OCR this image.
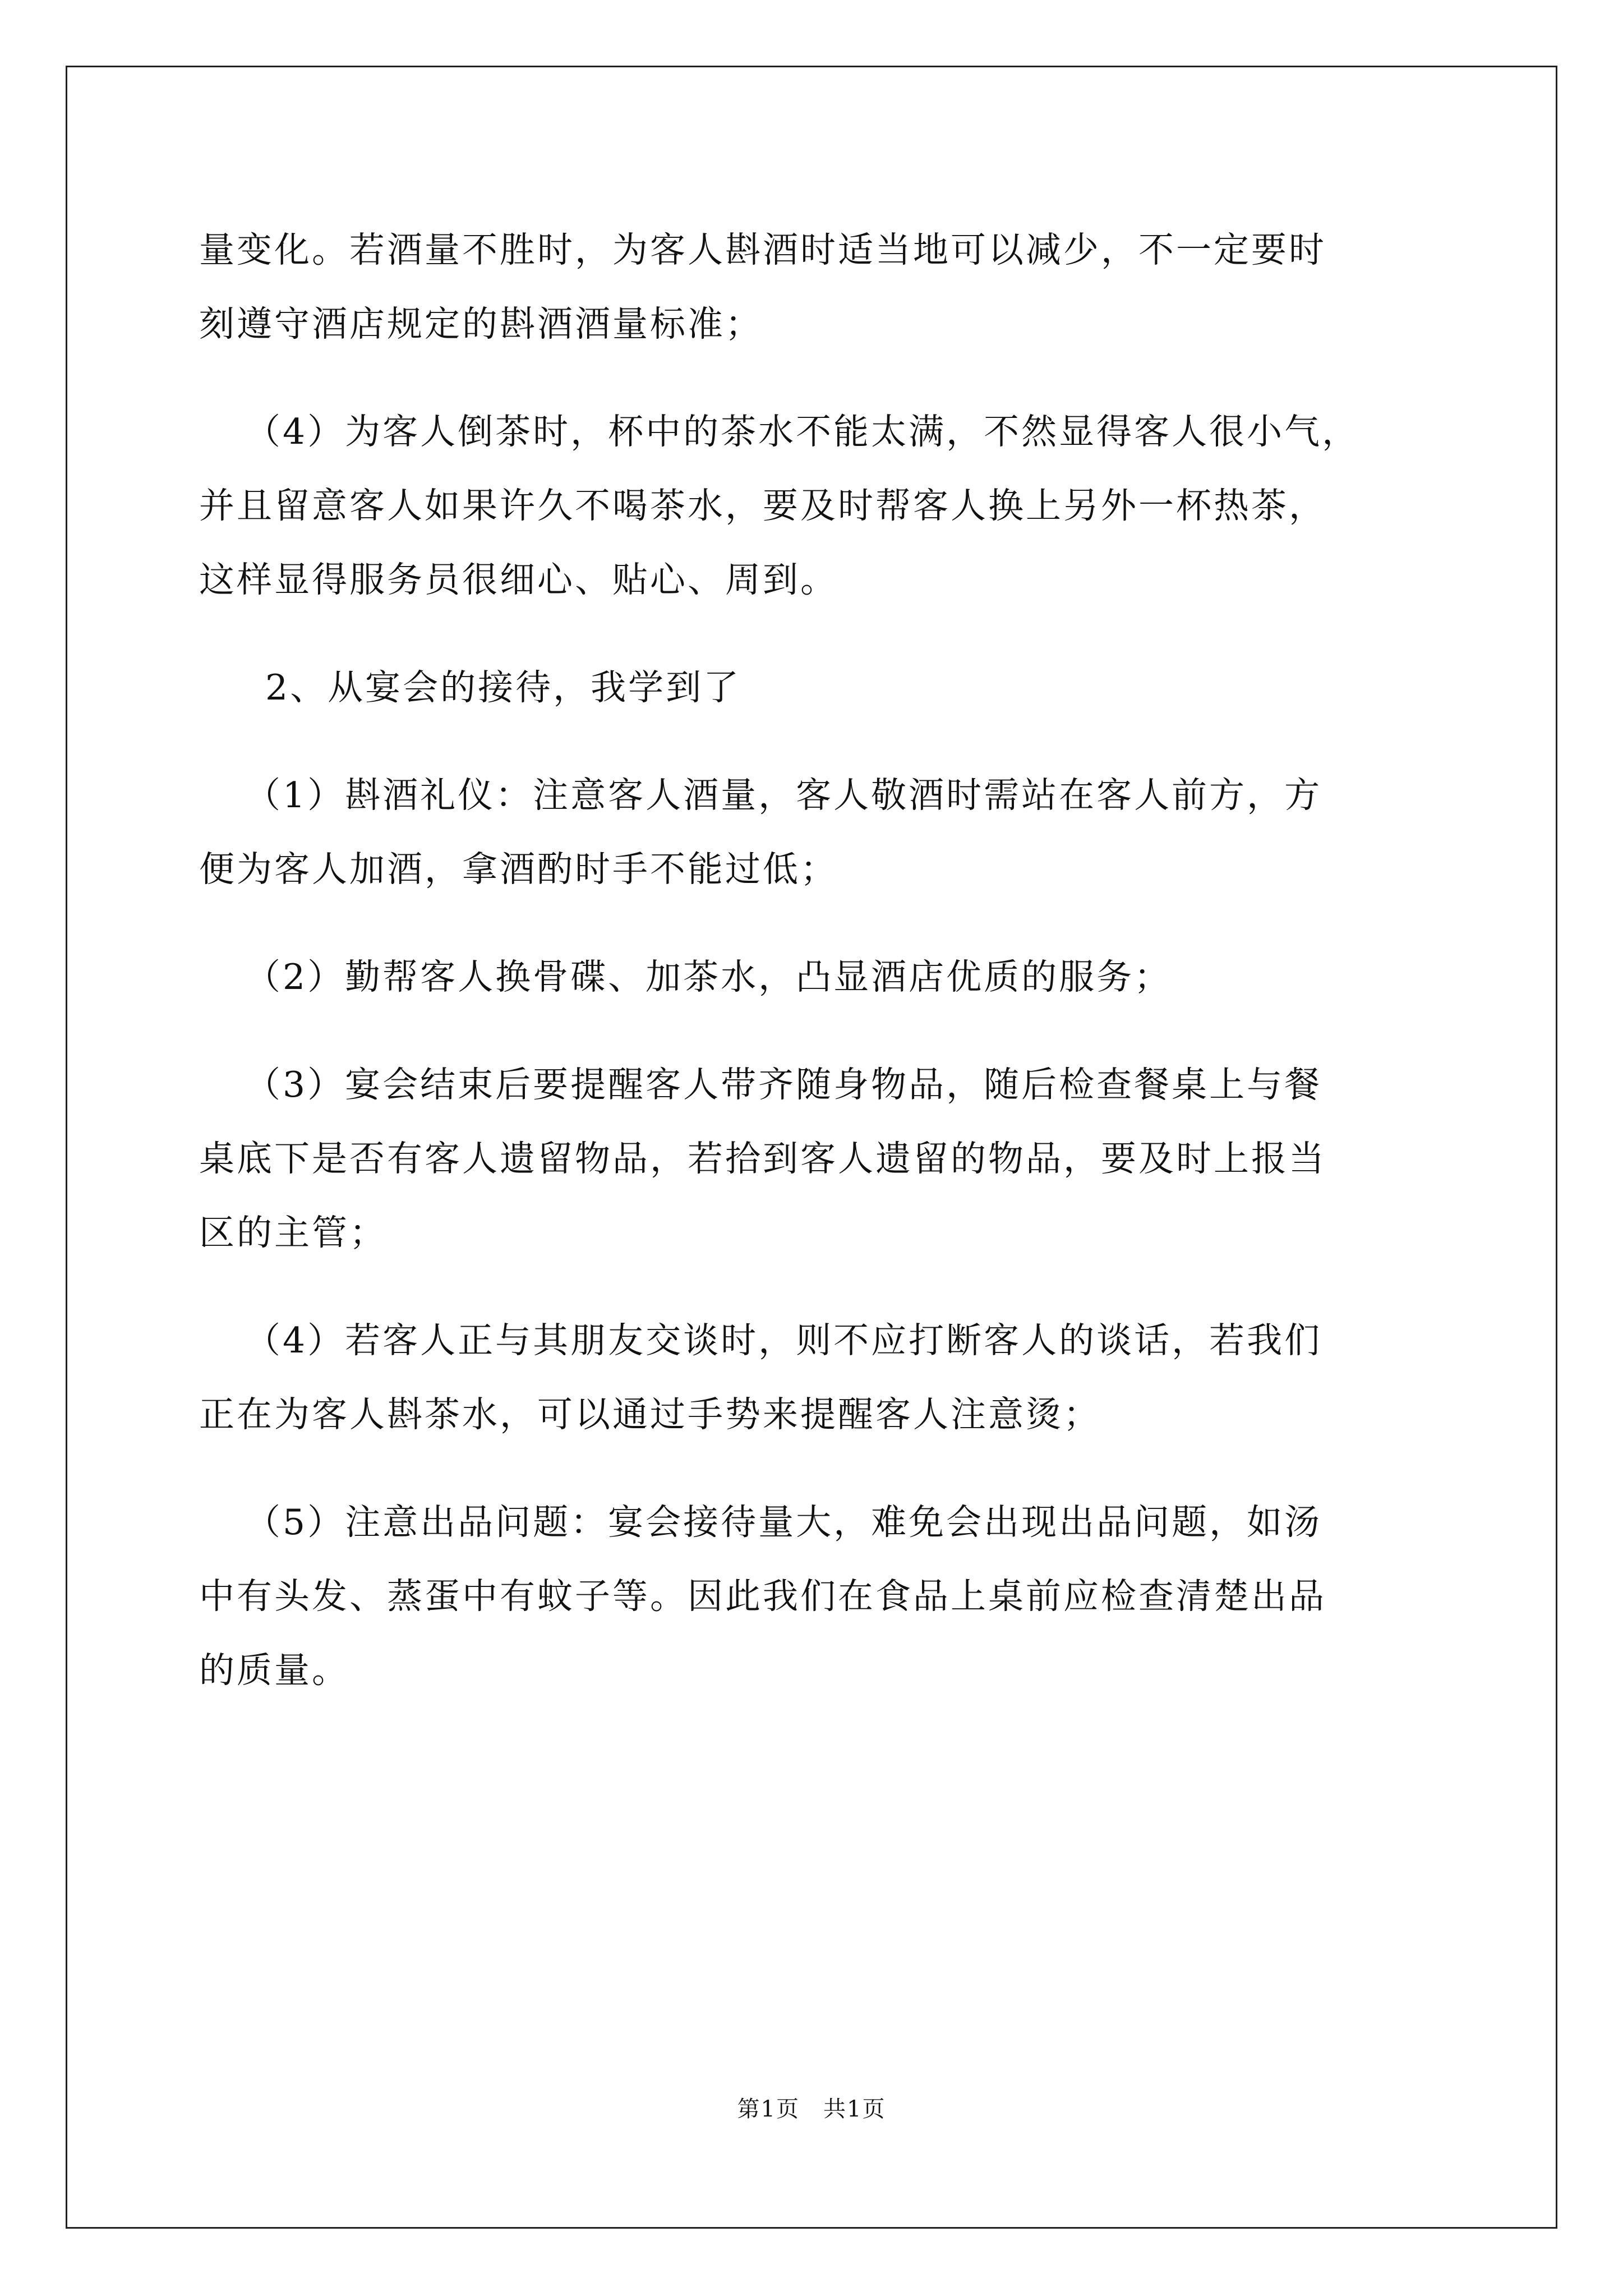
量变化。若酒量不胜时，为客人斟酒时适当地可以减少，不一定要时
刻遵守酒店规定的斟酒酒量标准；

（4）为客人倒茶时，杯中的茶水不能太满，不然显得客人很小气，
并且留意客人如果许久不喝茶水，要及时帮客人换上另外一杯热茶，
这样显得服务员很细心、贴心、周到。

2、从宴会的接待，我学到了

（1）斟酒礼仪：注意客人酒量，客人敬酒时需站在客人前方，方
便为客人加酒，拿酒酌时手不能过低；

（2）勤帮客人换骨碟、加茶水，凸显酒店优质的服务；

（3）宴会结束后要提醒客人带齐随身物品，随后检查餐桌上与餐
桌底下是否有客人遗留物品，若拾到客人遗留的物品，要及时上报当
区的主管；

（4）若客人正与其朋友交谈时，则不应打断客人的谈话，若我们
正在为客人斟茶水，可以通过手势来提醒客人注意烫；

（5）注意出品问题：宴会接待量大，难免会出现出品问题，如汤
中有头发、蒸蛋中有蚊子等。因此我们在食品上桌前应检查清楚出品
的质量。

第1页　共1页
